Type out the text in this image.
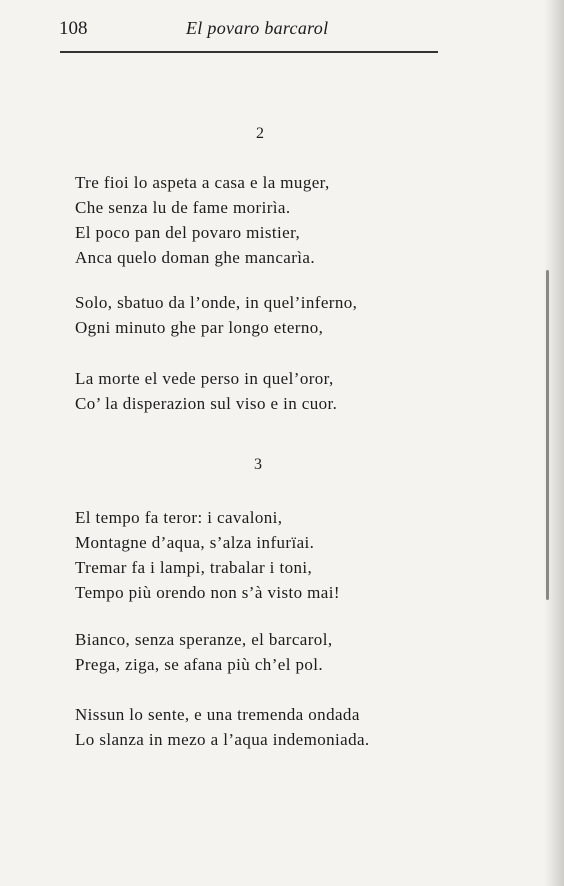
108	El povaro barcarol
2
Tre fioi lo aspeta a casa e la muger,
Che senza lu de fame morirìa.
El poco pan del povaro mistier,
Anca quelo doman ghe mancarìa.
Solo, sbatuo da l’onde, in quel’inferno,
Ogni minuto ghe par longo eterno,
La morte el vede perso in quel’oror,
Co’ la disperazion sul viso e in cuor.
3
El tempo fa teror: i cavaloni,
Montagne d’aqua, s’alza infurïai.
Tremar fa i lampi, trabalar i toni,
Tempo più orendo non s’à visto mai!
Bianco, senza speranze, el barcarol,
Prega, ziga, se afana più ch’el pol.
Nissun lo sente, e una tremenda ondada
Lo slanza in mezo a l’aqua indemoniada.
